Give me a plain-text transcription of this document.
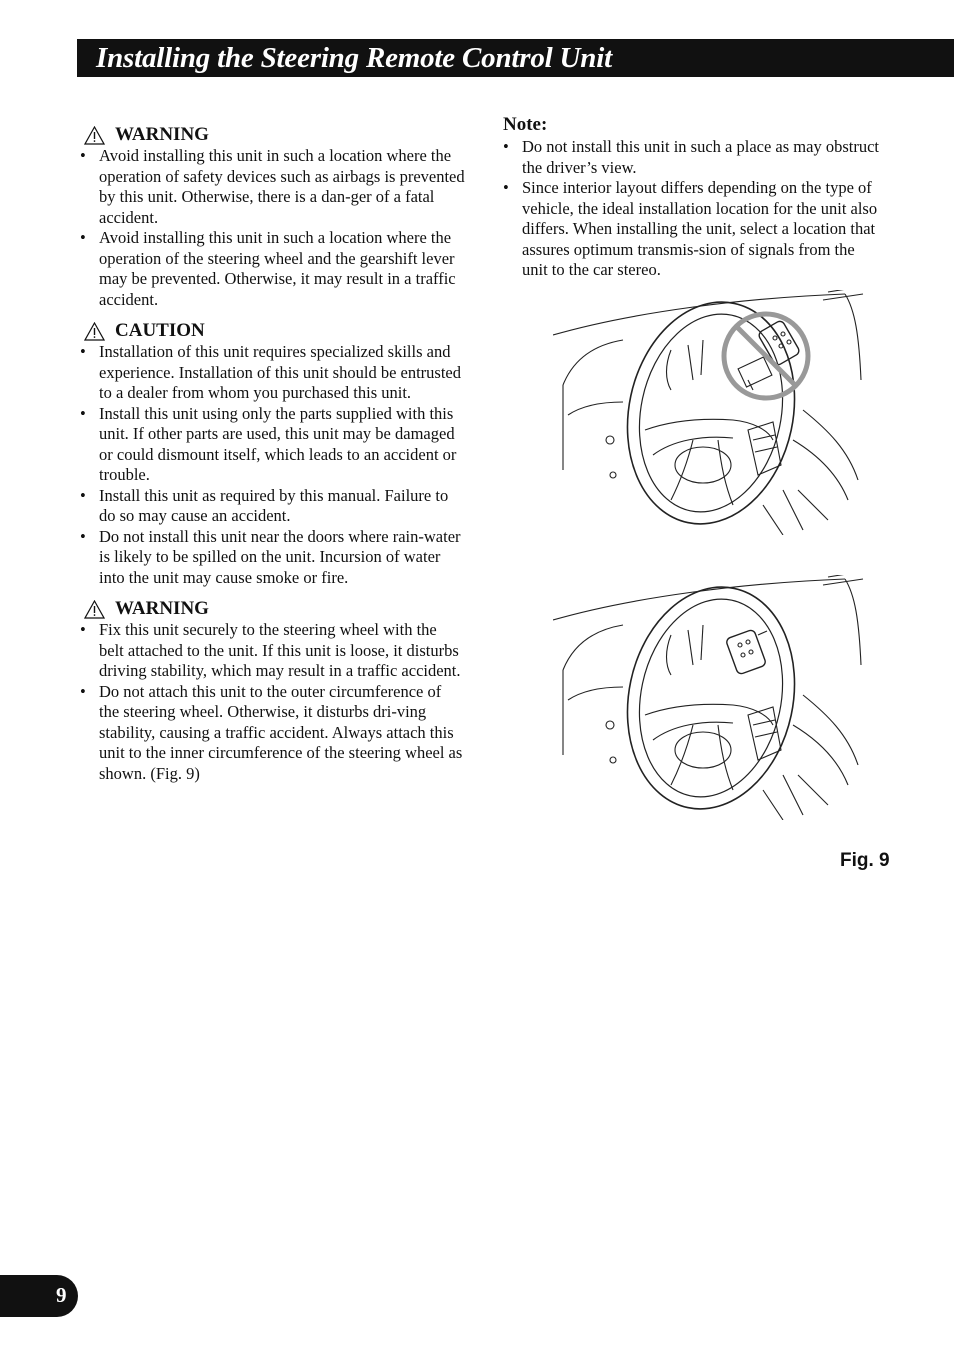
Installing the Steering Remote Control Unit
WARNING
• Avoid installing this unit in such a location where the operation of safety devices such as airbags is prevented by this unit. Otherwise, there is a dan-ger of a fatal accident.
• Avoid installing this unit in such a location where the operation of the steering wheel and the gearshift lever may be prevented. Otherwise, it may result in a traffic accident.
CAUTION
• Installation of this unit requires specialized skills and experience. Installation of this unit should be entrusted to a dealer from whom you purchased this unit.
• Install this unit using only the parts supplied with this unit. If other parts are used, this unit may be damaged or could dismount itself, which leads to an accident or trouble.
• Install this unit as required by this manual. Failure to do so may cause an accident.
• Do not install this unit near the doors where rain-water is likely to be spilled on the unit. Incursion of water into the unit may cause smoke or fire.
WARNING
• Fix this unit securely to the steering wheel with the belt attached to the unit. If this unit is loose, it disturbs driving stability, which may result in a traffic accident.
• Do not attach this unit to the outer circumference of the steering wheel. Otherwise, it disturbs dri-ving stability, causing a traffic accident. Always attach this unit to the inner circumference of the steering wheel as shown. (Fig. 9)
Note:
• Do not install this unit in such a place as may obstruct the driver’s view.
• Since interior layout differs depending on the type of vehicle, the ideal installation location for the unit also differs. When installing the unit, select a location that assures optimum transmis-sion of signals from the unit to the car stereo.
Fig. 9
9
